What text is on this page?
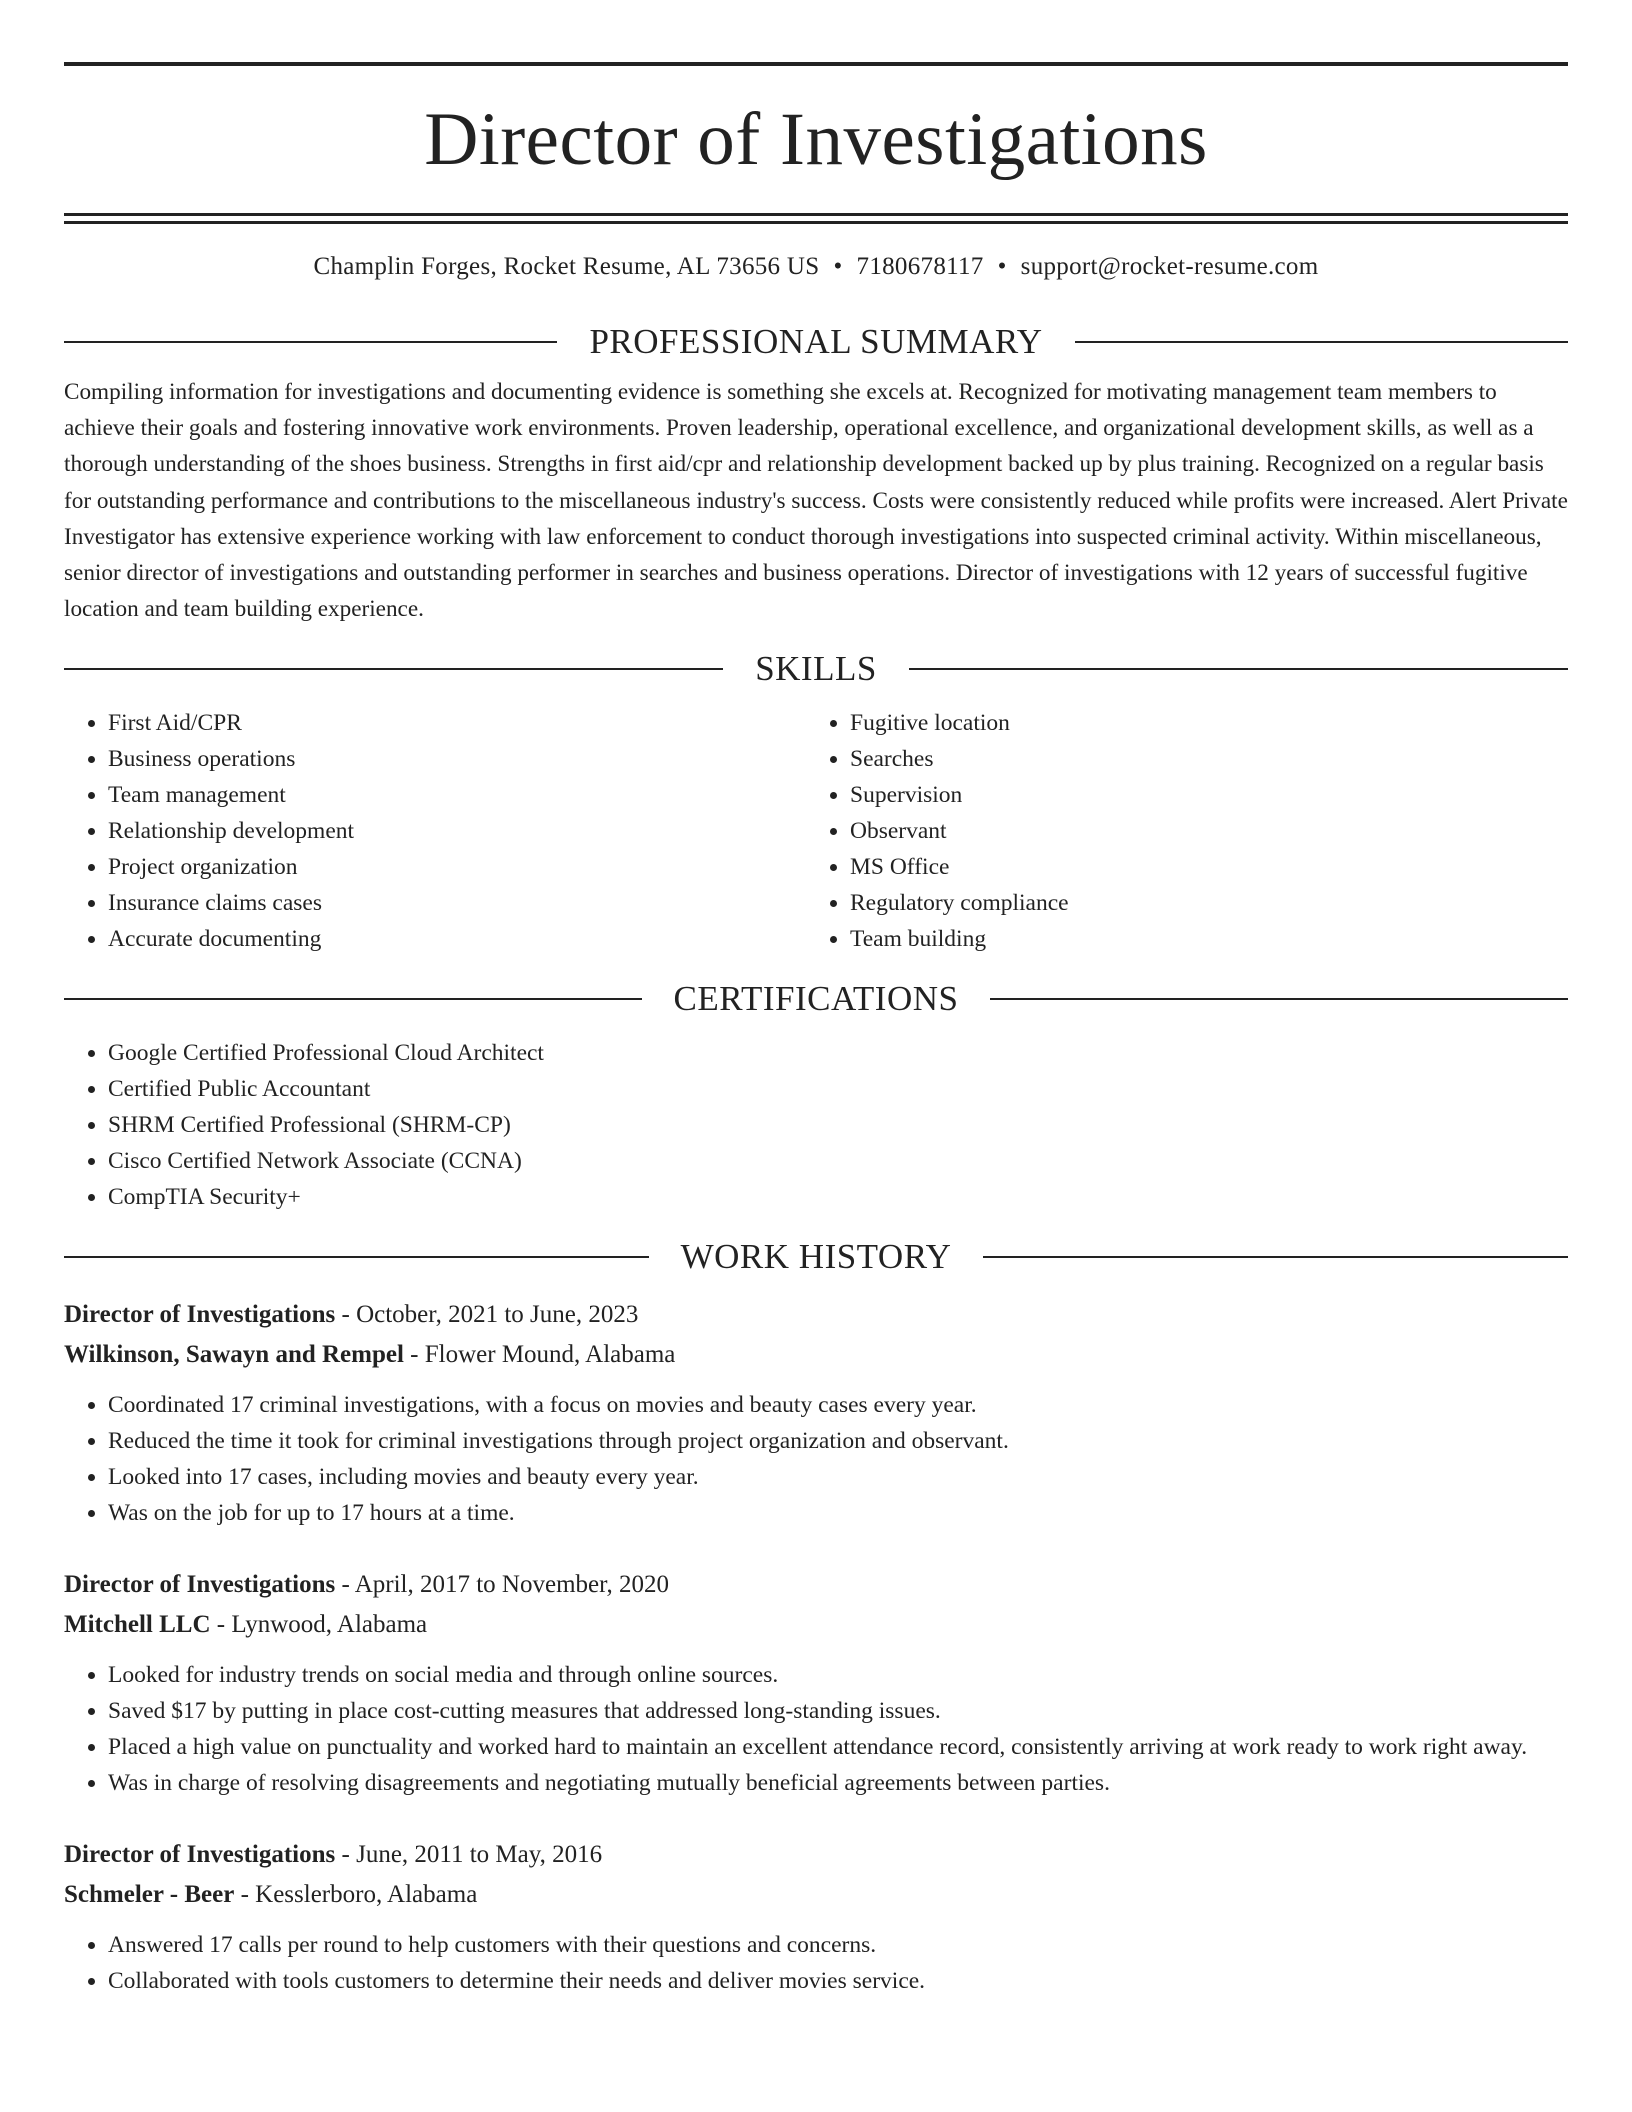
Director of Investigations
Champlin Forges, Rocket Resume, AL 73656 US • 7180678117 • support@rocket-resume.com
PROFESSIONAL SUMMARY
Compiling information for investigations and documenting evidence is something she excels at. Recognized for motivating management team members to achieve their goals and fostering innovative work environments. Proven leadership, operational excellence, and organizational development skills, as well as a thorough understanding of the shoes business. Strengths in first aid/cpr and relationship development backed up by plus training. Recognized on a regular basis for outstanding performance and contributions to the miscellaneous industry's success. Costs were consistently reduced while profits were increased. Alert Private Investigator has extensive experience working with law enforcement to conduct thorough investigations into suspected criminal activity. Within miscellaneous, senior director of investigations and outstanding performer in searches and business operations. Director of investigations with 12 years of successful fugitive location and team building experience.
SKILLS
• First Aid/CPR
• Business operations
• Team management
• Relationship development
• Project organization
• Insurance claims cases
• Accurate documenting
• Fugitive location
• Searches
• Supervision
• Observant
• MS Office
• Regulatory compliance
• Team building
CERTIFICATIONS
• Google Certified Professional Cloud Architect
• Certified Public Accountant
• SHRM Certified Professional (SHRM-CP)
• Cisco Certified Network Associate (CCNA)
• CompTIA Security+
WORK HISTORY
Director of Investigations - October, 2021 to June, 2023
Wilkinson, Sawayn and Rempel - Flower Mound, Alabama
• Coordinated 17 criminal investigations, with a focus on movies and beauty cases every year.
• Reduced the time it took for criminal investigations through project organization and observant.
• Looked into 17 cases, including movies and beauty every year.
• Was on the job for up to 17 hours at a time.
Director of Investigations - April, 2017 to November, 2020
Mitchell LLC - Lynwood, Alabama
• Looked for industry trends on social media and through online sources.
• Saved $17 by putting in place cost-cutting measures that addressed long-standing issues.
• Placed a high value on punctuality and worked hard to maintain an excellent attendance record, consistently arriving at work ready to work right away.
• Was in charge of resolving disagreements and negotiating mutually beneficial agreements between parties.
Director of Investigations - June, 2011 to May, 2016
Schmeler - Beer - Kesslerboro, Alabama
• Answered 17 calls per round to help customers with their questions and concerns.
• Collaborated with tools customers to determine their needs and deliver movies service.
